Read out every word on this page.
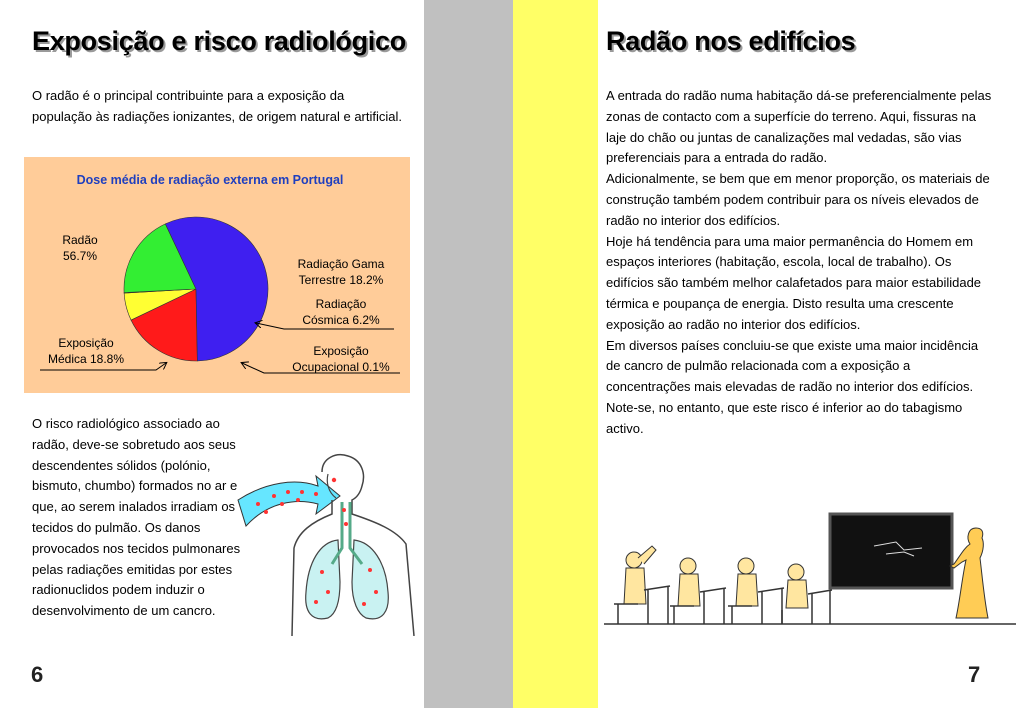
Exposição e risco radiológico
O radão é o principal contribuinte para a exposição da população às radiações ionizantes, de origem natural e artificial.
Dose média de radiação externa em Portugal
Radão
56.7%
Radiação Gama
Terrestre 18.2%
Radiação
Cósmica 6.2%
Exposição
Ocupacional 0.1%
Exposição
Médica 18.8%
O risco radiológico associado ao radão, deve-se sobretudo aos seus descendentes sólidos (polónio, bismuto, chumbo) formados no ar e que, ao serem inalados irradiam os tecidos do pulmão. Os danos provocados nos tecidos pulmonares pelas radiações emitidas por estes radionuclidos podem induzir o desenvolvimento de um cancro.
6
Radão nos edifícios

A entrada do radão numa habitação dá-se preferencialmente pelas zonas de contacto com a superfície do terreno. Aqui, fissuras na laje do chão ou juntas de canalizações mal vedadas, são vias preferenciais para a entrada do radão.

Adicionalmente, se bem que em menor proporção, os materiais de construção também podem contribuir para os níveis elevados de radão no interior dos edifícios.

Hoje há tendência para uma maior permanência do Homem em espaços interiores (habitação, escola, local de trabalho). Os edifícios são também melhor calafetados para maior estabilidade térmica e poupança de energia. Disto resulta uma crescente exposição ao radão no interior dos edifícios.

Em diversos países concluiu-se que existe uma maior incidência de cancro de pulmão relacionada com a exposição a concentrações mais elevadas de radão no interior dos edifícios. Note-se, no entanto, que este risco é inferior ao do tabagismo activo.

7
